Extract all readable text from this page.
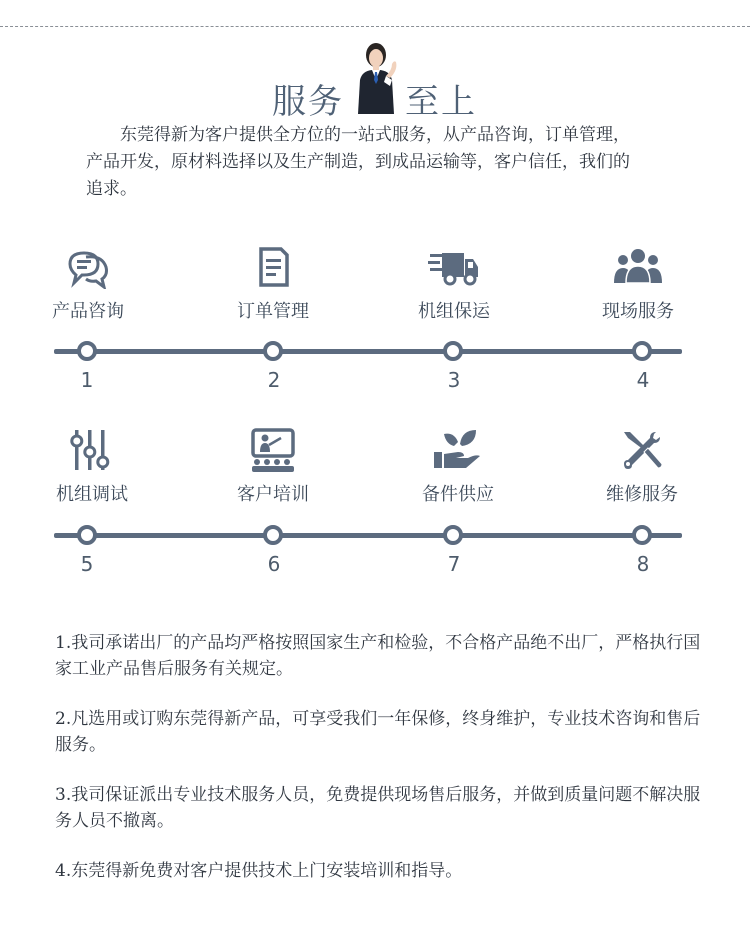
服务 至上
东莞得新为客户提供全方位的一站式服务，从产品咨询，订单管理，产品开发，原材料选择以及生产制造，到成品运输等，客户信任，我们的追求。
产品咨询	订单管理	机组保运	现场服务
1	2	3	4
机组调试	客户培训	备件供应	维修服务
5	6	7	8

1.我司承诺出厂的产品均严格按照国家生产和检验，不合格产品绝不出厂，严格执行国家工业产品售后服务有关规定。

2.凡选用或订购东莞得新产品，可享受我们一年保修，终身维护，专业技术咨询和售后服务。

3.我司保证派出专业技术服务人员，免费提供现场售后服务，并做到质量问题不解决服务人员不撤离。

4.东莞得新免费对客户提供技术上门安装培训和指导。
